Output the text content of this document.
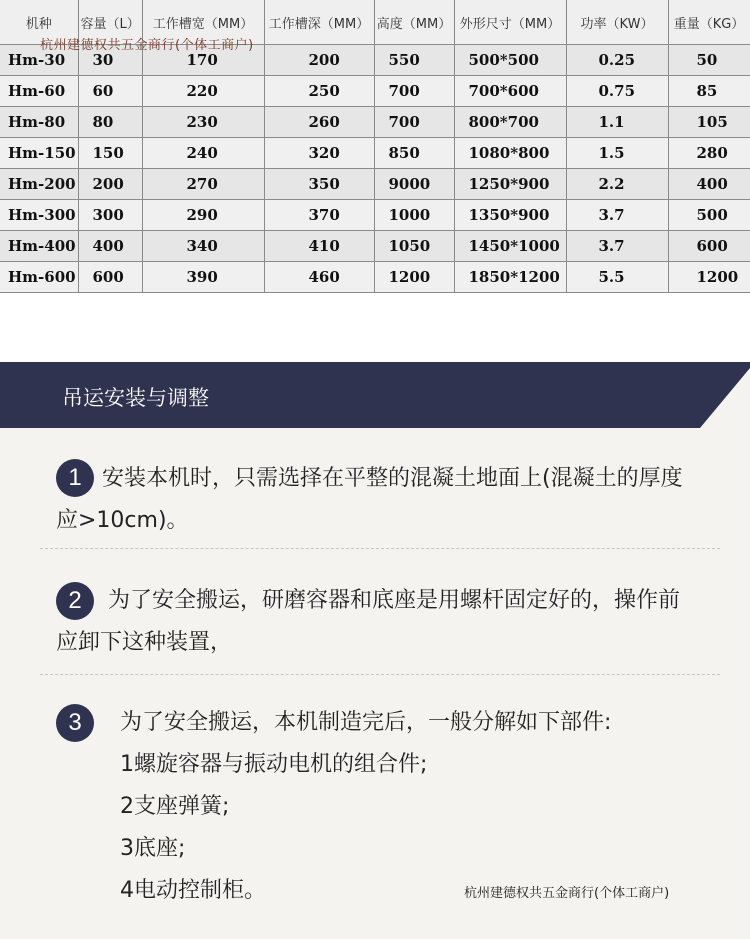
机种	容量（L）	工作槽宽（MM）	工作槽深（MM）	高度（MM）	外形尺寸（MM）	功率（KW）	重量（KG）
Hm-30	30	170	200	550	500*500	0.25	50
Hm-60	60	220	250	700	700*600	0.75	85
Hm-80	80	230	260	700	800*700	1.1	105
Hm-150	150	240	320	850	1080*800	1.5	280
Hm-200	200	270	350	9000	1250*900	2.2	400
Hm-300	300	290	370	1000	1350*900	3.7	500
Hm-400	400	340	410	1050	1450*1000	3.7	600
Hm-600	600	390	460	1200	1850*1200	5.5	1200
杭州建德权共五金商行(个体工商户)
吊运安装与调整
1 安装本机时，只需选择在平整的混凝土地面上(混凝土的厚度
应>10cm)。
2	为了安全搬运，研磨容器和底座是用螺杆固定好的，操作前
应卸下这种装置，
3	为了安全搬运，本机制造完后，一般分解如下部件:
1螺旋容器与振动电机的组合件;
2支座弹簧;
3底座;
4电动控制柜。	杭州建德权共五金商行(个体工商户)
